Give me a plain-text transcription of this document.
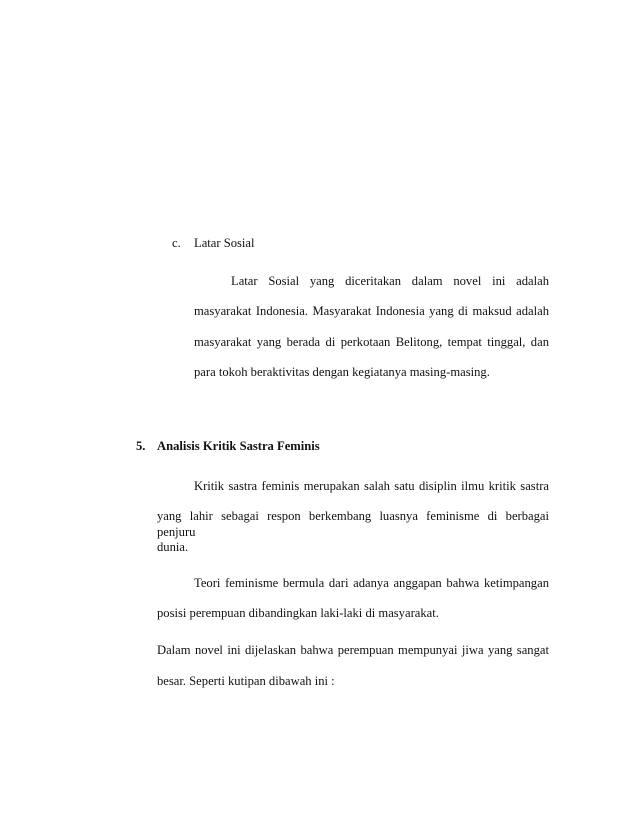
c. Latar Sosial
Latar Sosial yang diceritakan dalam novel ini adalah
masyarakat Indonesia. Masyarakat Indonesia yang di maksud adalah
masyarakat yang berada di perkotaan Belitong, tempat tinggal, dan
para tokoh beraktivitas dengan kegiatanya masing-masing.
5. Analisis Kritik Sastra Feminis
Kritik sastra feminis merupakan salah satu disiplin ilmu kritik sastra
yang lahir sebagai respon berkembang luasnya feminisme di berbagai penjuru
dunia.
Teori feminisme bermula dari adanya anggapan bahwa ketimpangan
posisi perempuan dibandingkan laki-laki di masyarakat.
Dalam novel ini dijelaskan bahwa perempuan mempunyai jiwa yang sangat
besar. Seperti kutipan dibawah ini :
